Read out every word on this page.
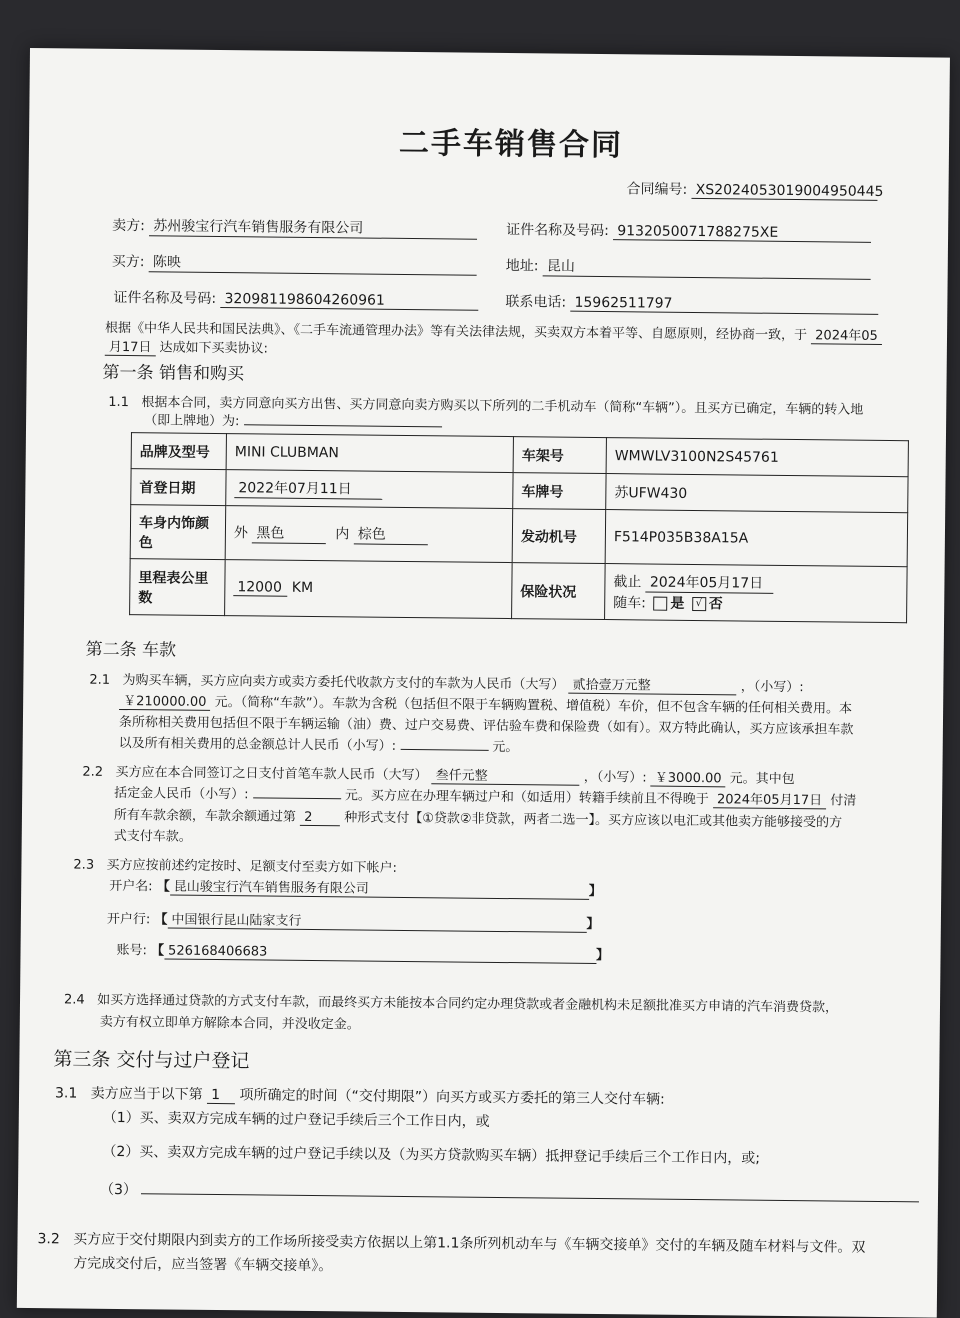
二手车销售合同
合同编号: XS2024053019004950445
卖方: 苏州骏宝行汽车销售服务有限公司	证件名称及号码: 9132050071788275XE
买方: 陈映	地址: 昆山
证件名称及号码: 320981198604260961	联系电话: 15962511797
根据《中华人民共和国民法典》、《二手车流通管理办法》等有关法律法规，买卖双方本着平等、自愿原则，经协商一致，于 2024年05
月17日 达成如下买卖协议:
第一条 销售和购买
1.1 根据本合同，卖方同意向买方出售、买方同意向卖方购买以下所列的二手机动车（简称“车辆”）。且买方已确定，车辆的转入地
（即上牌地）为:
品牌及型号	MINI CLUBMAN	车架号	WMWLV3100N2S45761
首登日期	2022年07月11日	车牌号	苏UFW430
车身内饰颜色	外 黑色 内 棕色	发动机号	F514P035B38A15A
里程表公里数	12000 KM	保险状况	截止 2024年05月17日
随车: 是 √ 否
第二条 车款
2.1 为购买车辆，买方应向卖方或卖方委托代收款方支付的车款为人民币（大写） 贰拾壹万元整	，（小写）:
￥210000.00 元。（简称“车款”）。车款为含税（包括但不限于车辆购置税、增值税）车价，但不包含车辆的任何相关费用。本
条所称相关费用包括但不限于车辆运输（油）费、过户交易费、评估验车费和保险费（如有）。双方特此确认，买方应该承担车款
以及所有相关费用的总金额总计人民币（小写）:	元。
2.2 买方应在本合同签订之日支付首笔车款人民币（大写） 叁仟元整	，（小写）: ￥3000.00 元。其中包
括定金人民币（小写）:	元。买方应在办理车辆过户和（如适用）转籍手续前且不得晚于 2024年05月17日 付清
所有车款余额，车款余额通过第 2 种形式支付【①贷款②非贷款，两者二选一】。买方应该以电汇或其他卖方能够接受的方
式支付车款。
2.3 买方应按前述约定按时、足额支付至卖方如下帐户:
开户名: 【 昆山骏宝行汽车销售服务有限公司	】
开户行: 【 中国银行昆山陆家支行	】
账号: 【 526168406683	】
2.4 如买方选择通过贷款的方式支付车款，而最终买方未能按本合同约定办理贷款或者金融机构未足额批准买方申请的汽车消费贷款，
卖方有权立即单方解除本合同，并没收定金。
第三条 交付与过户登记
3.1 卖方应当于以下第 1 项所确定的时间（“交付期限”）向买方或买方委托的第三人交付车辆:
（1）买、卖双方完成车辆的过户登记手续后三个工作日内，或
（2）买、卖双方完成车辆的过户登记手续以及（为买方贷款购买车辆）抵押登记手续后三个工作日内，或;
（3）
3.2 买方应于交付期限内到卖方的工作场所接受卖方依据以上第1.1条所列机动车与《车辆交接单》交付的车辆及随车材料与文件。双
方完成交付后，应当签署《车辆交接单》。
